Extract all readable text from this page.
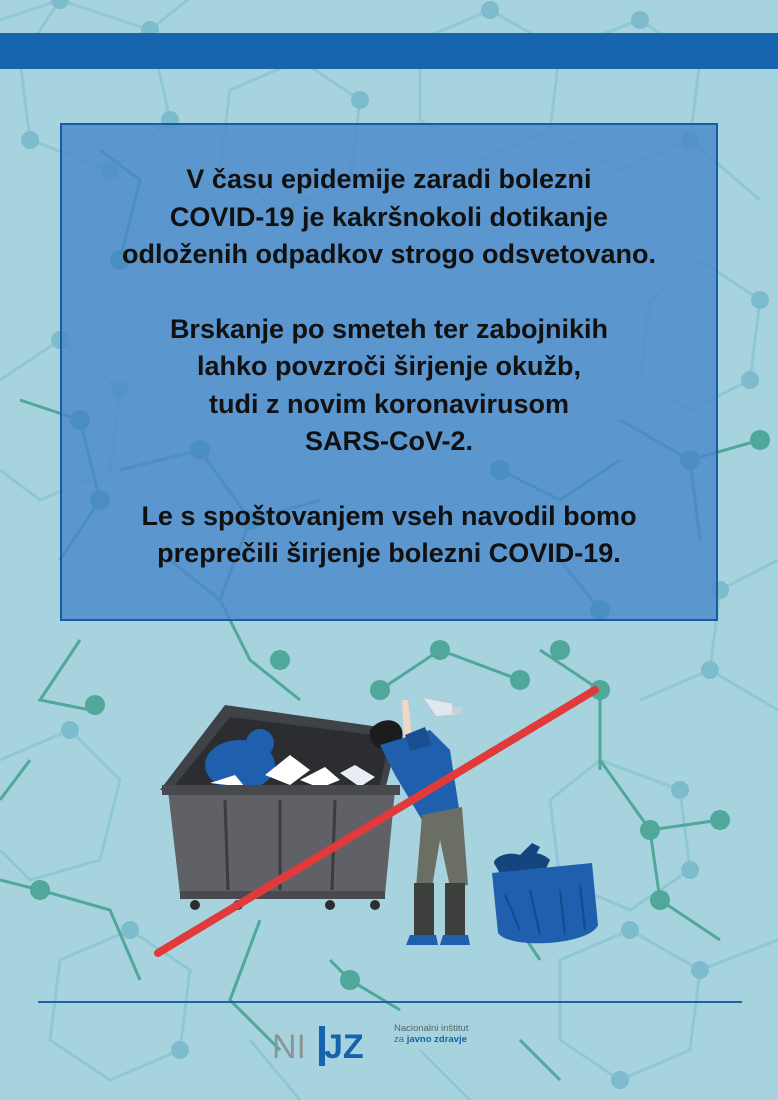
V času epidemije zaradi bolezni
COVID-19 je kakršnokoli dotikanje
odloženih odpadkov strogo odsvetovano.

Brskanje po smeteh ter zabojnikih
lahko povzroči širjenje okužb,
tudi z novim koronavirusom
SARS-CoV-2.

Le s spoštovanjem vseh navodil bomo
preprečili širjenje bolezni COVID-19.

NI JZ	Nacionalni inštitut
za javno zdravje
